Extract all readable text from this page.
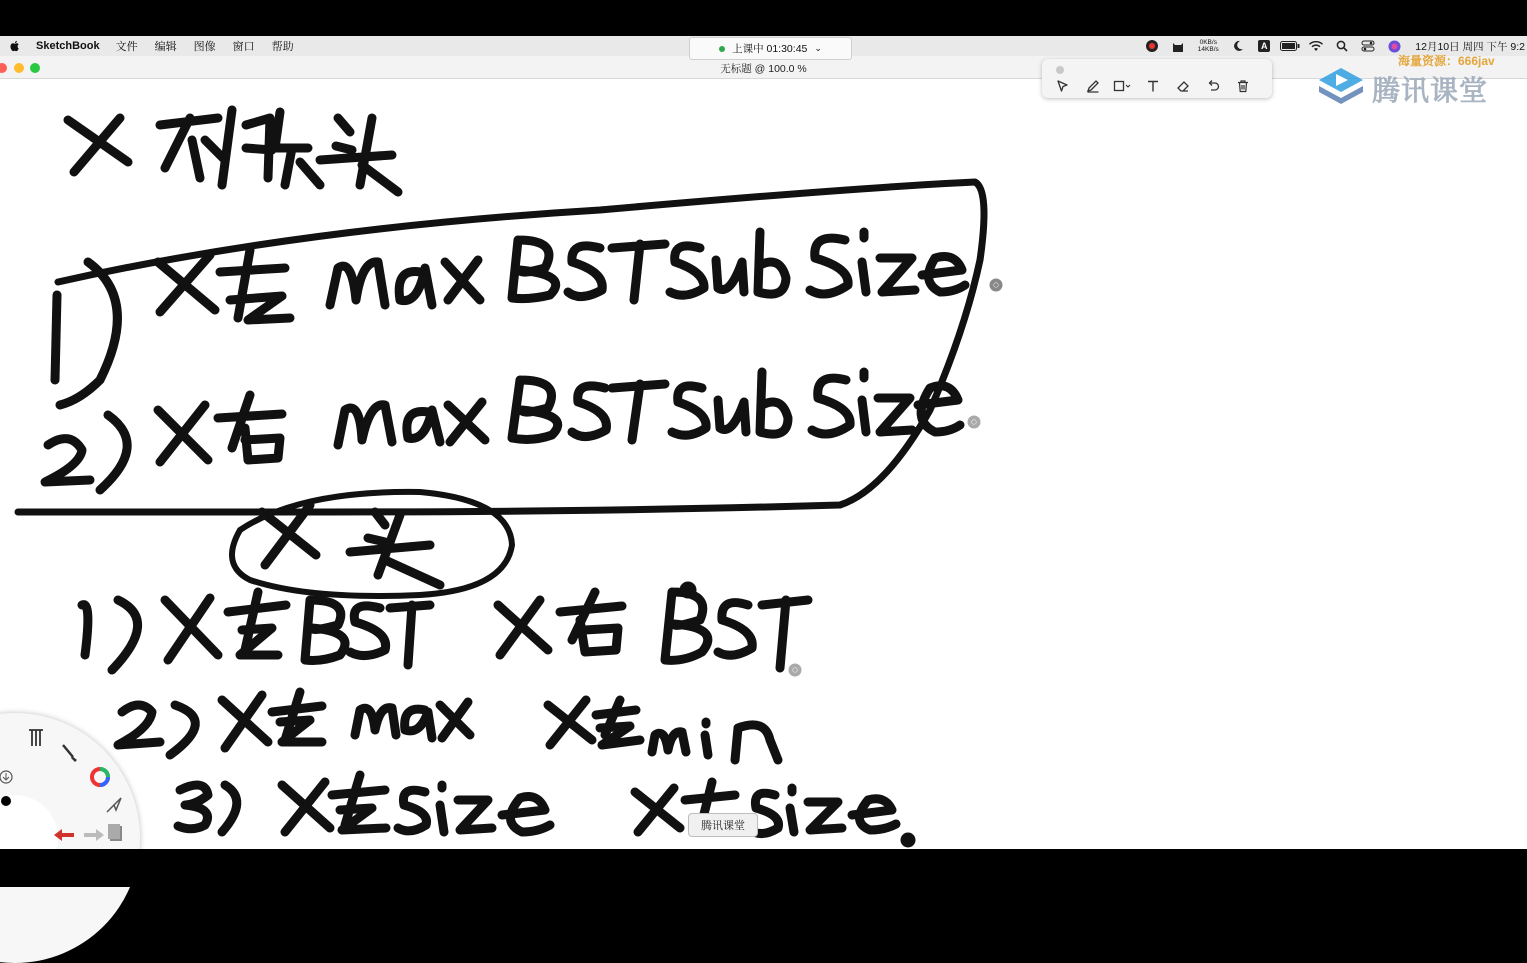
SketchBook 文件 编辑 图像 窗口 帮助	0KB/s
14KB/s	A	12月10日 周四 下午 9:2
无标题 @ 100.0 %
X
上课中 01:30:45 ⌄
腾讯课堂
海量资源：666jav
腾讯课堂
